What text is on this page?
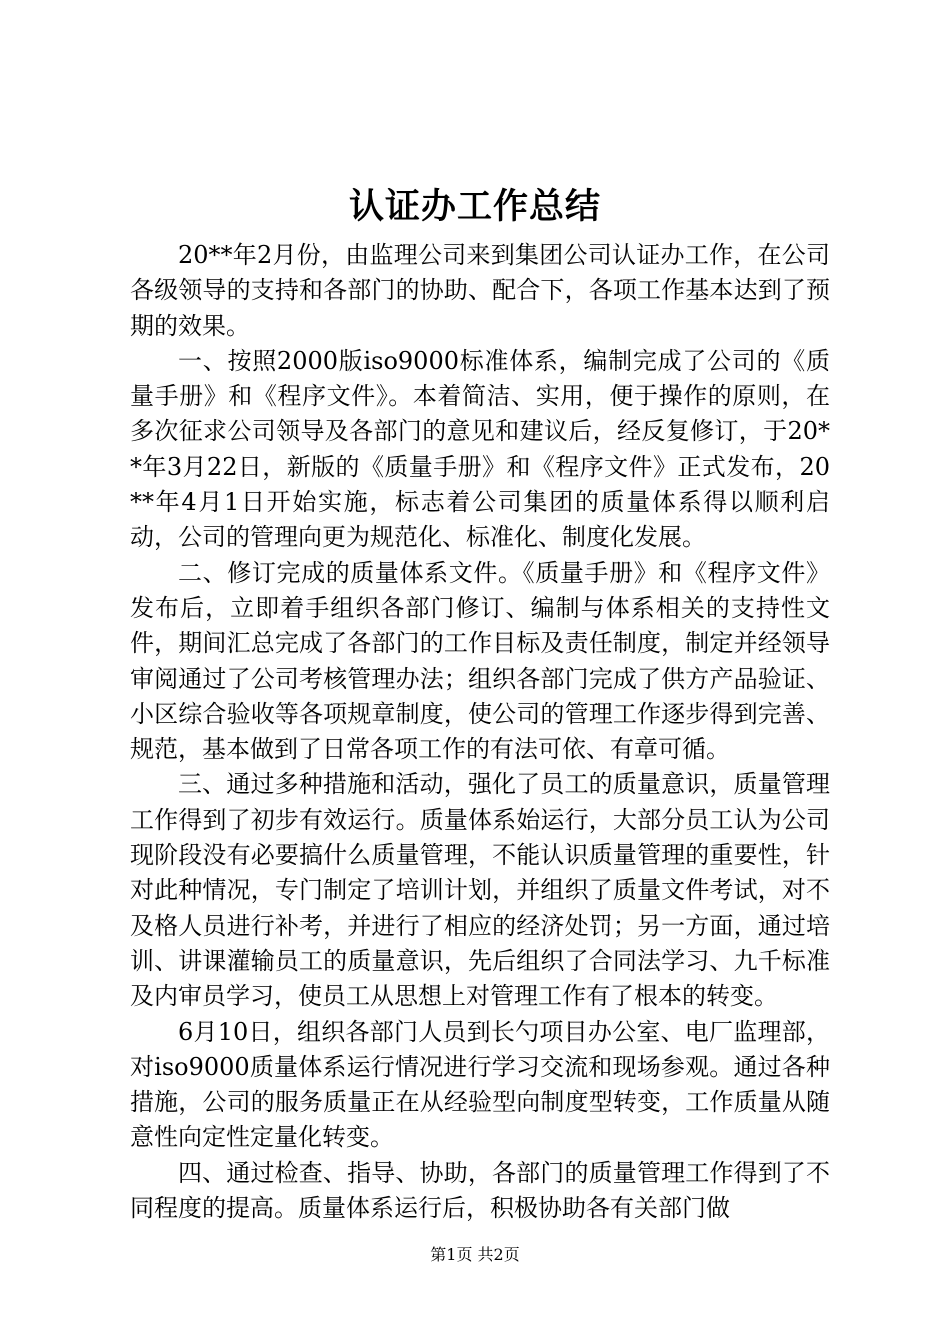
认证办工作总结

20**年2月份，由监理公司来到集团公司认证办工作，在公司各级领导的支持和各部门的协助、配合下，各项工作基本达到了预期的效果。

一、按照2000版iso9000标准体系，编制完成了公司的《质量手册》和《程序文件》。本着简洁、实用，便于操作的原则，在多次征求公司领导及各部门的意见和建议后，经反复修订，于20**年3月22日，新版的《质量手册》和《程序文件》正式发布，20**年4月1日开始实施，标志着公司集团的质量体系得以顺利启动，公司的管理向更为规范化、标准化、制度化发展。

二、修订完成的质量体系文件。《质量手册》和《程序文件》发布后，立即着手组织各部门修订、编制与体系相关的支持性文件，期间汇总完成了各部门的工作目标及责任制度，制定并经领导审阅通过了公司考核管理办法；组织各部门完成了供方产品验证、小区综合验收等各项规章制度，使公司的管理工作逐步得到完善、规范，基本做到了日常各项工作的有法可依、有章可循。

三、通过多种措施和活动，强化了员工的质量意识，质量管理工作得到了初步有效运行。质量体系始运行，大部分员工认为公司现阶段没有必要搞什么质量管理，不能认识质量管理的重要性，针对此种情况，专门制定了培训计划，并组织了质量文件考试，对不及格人员进行补考，并进行了相应的经济处罚；另一方面，通过培训、讲课灌输员工的质量意识，先后组织了合同法学习、九千标准及内审员学习，使员工从思想上对管理工作有了根本的转变。

6月10日，组织各部门人员到长勺项目办公室、电厂监理部，对iso9000质量体系运行情况进行学习交流和现场参观。通过各种措施，公司的服务质量正在从经验型向制度型转变，工作质量从随意性向定性定量化转变。

四、通过检查、指导、协助，各部门的质量管理工作得到了不同程度的提高。质量体系运行后，积极协助各有关部门做

第1页 共2页
